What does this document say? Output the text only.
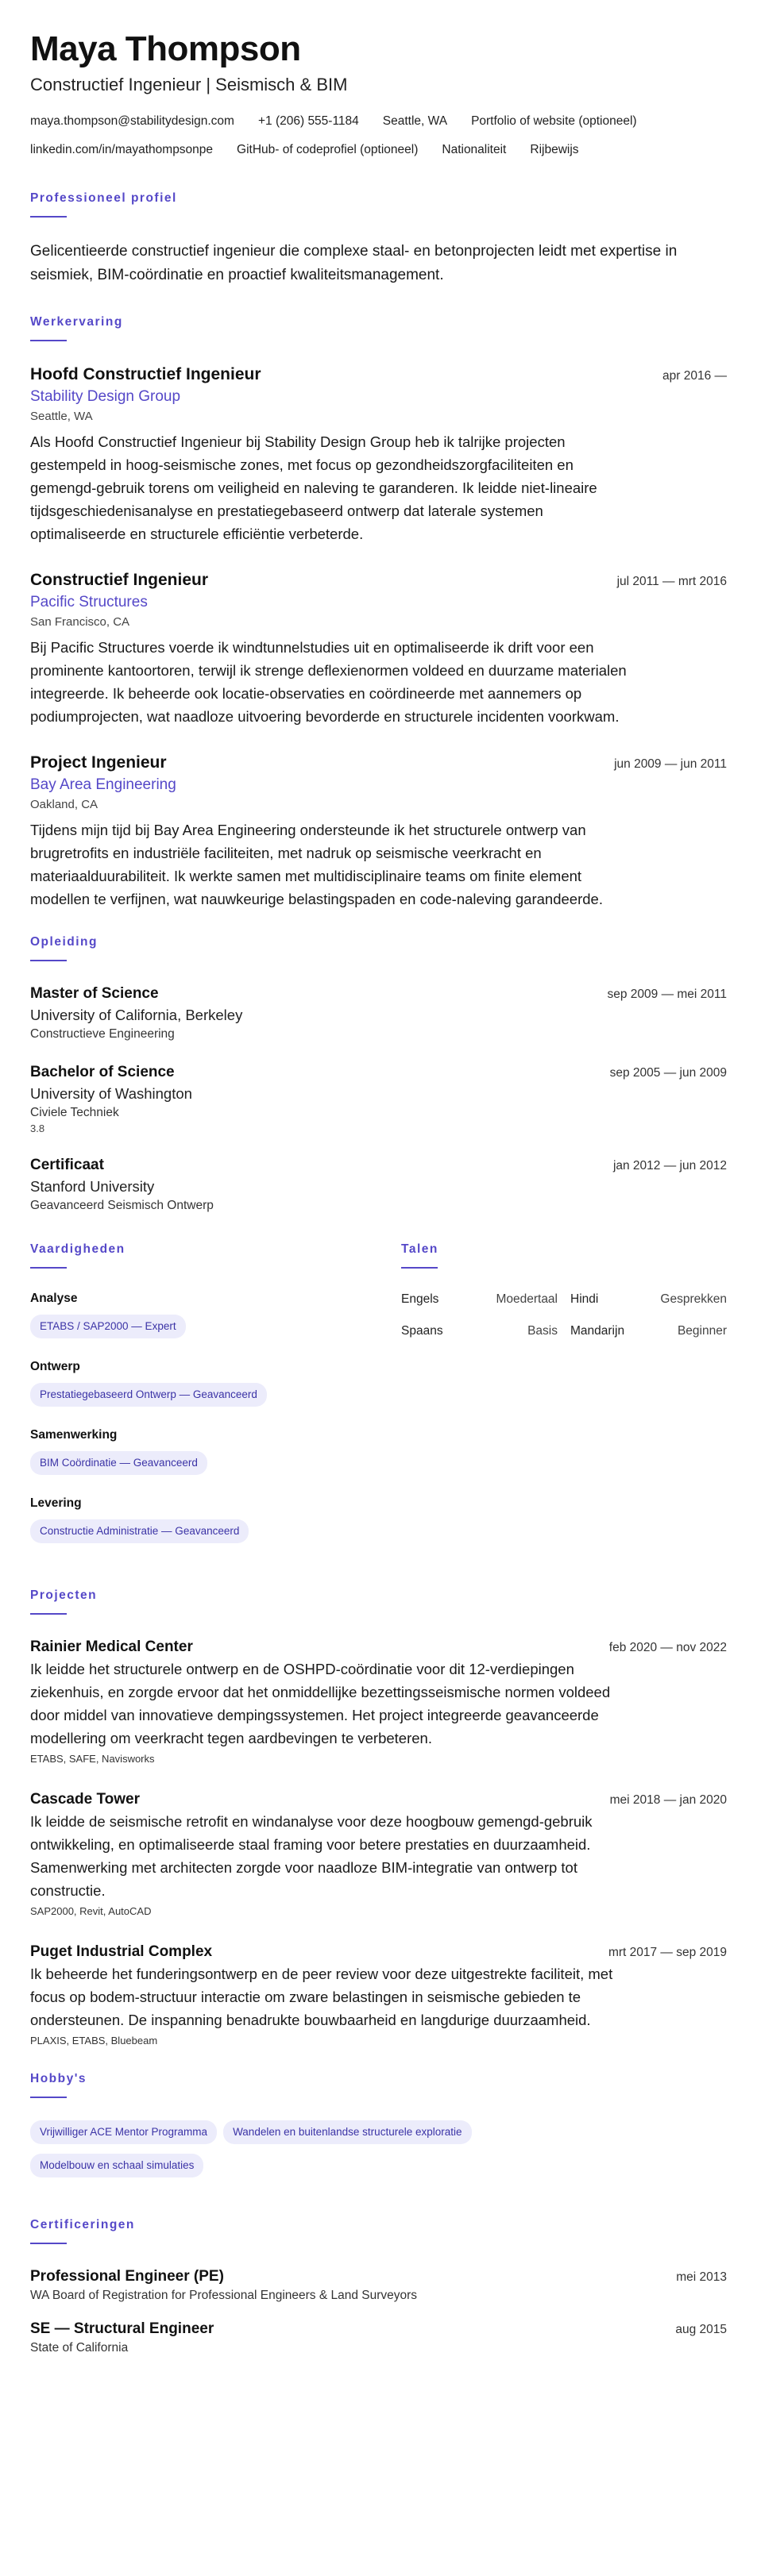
Maya Thompson
Constructief Ingenieur | Seismisch & BIM
maya.thompson@stabilitydesign.com +1 (206) 555-1184 Seattle, WA Portfolio of website (optioneel)
linkedin.com/in/mayathompsonpe GitHub- of codeprofiel (optioneel) Nationaliteit Rijbewijs
Professioneel profiel

Gelicentieerde constructief ingenieur die complexe staal- en betonprojecten leidt met expertise in seismiek, BIM-coördinatie en proactief kwaliteitsmanagement.

Werkervaring
Hoofd Constructief Ingenieur	apr 2016 —
Stability Design Group
Seattle, WA

Als Hoofd Constructief Ingenieur bij Stability Design Group heb ik talrijke projecten gestempeld in hoog-seismische zones, met focus op gezondheidszorgfaciliteiten en gemengd-gebruik torens om veiligheid en naleving te garanderen. Ik leidde niet-lineaire tijdsgeschiedenisanalyse en prestatiegebaseerd ontwerp dat laterale systemen optimaliseerde en structurele efficiëntie verbeterde.

Constructief Ingenieur	jul 2011 — mrt 2016
Pacific Structures
San Francisco, CA

Bij Pacific Structures voerde ik windtunnelstudies uit en optimaliseerde ik drift voor een prominente kantoortoren, terwijl ik strenge deflexienormen voldeed en duurzame materialen integreerde. Ik beheerde ook locatie-observaties en coördineerde met aannemers op podiumprojecten, wat naadloze uitvoering bevorderde en structurele incidenten voorkwam.

Project Ingenieur	jun 2009 — jun 2011
Bay Area Engineering
Oakland, CA

Tijdens mijn tijd bij Bay Area Engineering ondersteunde ik het structurele ontwerp van brugretrofits en industriële faciliteiten, met nadruk op seismische veerkracht en materiaalduurabiliteit. Ik werkte samen met multidisciplinaire teams om finite element modellen te verfijnen, wat nauwkeurige belastingspaden en code-naleving garandeerde.

Opleiding
Master of Science	sep 2009 — mei 2011
University of California, Berkeley
Constructieve Engineering
Bachelor of Science	sep 2005 — jun 2009
University of Washington
Civiele Techniek
3.8
Certificaat	jan 2012 — jun 2012
Stanford University
Geavanceerd Seismisch Ontwerp
Vaardigheden
Analyse
ETABS / SAP2000 — Expert
Ontwerp
Prestatiegebaseerd Ontwerp — Geavanceerd
Samenwerking
BIM Coördinatie — Geavanceerd
Levering
Constructie Administratie — Geavanceerd
Talen
Engels	Moedertaal Hindi	Gesprekken
Spaans	Basis Mandarijn	Beginner
Projecten
Rainier Medical Center	feb 2020 — nov 2022

Ik leidde het structurele ontwerp en de OSHPD-coördinatie voor dit 12-verdiepingen ziekenhuis, en zorgde ervoor dat het onmiddellijke bezettingsseismische normen voldeed door middel van innovatieve dempingssystemen. Het project integreerde geavanceerde modellering om veerkracht tegen aardbevingen te verbeteren.

ETABS, SAFE, Navisworks
Cascade Tower	mei 2018 — jan 2020

Ik leidde de seismische retrofit en windanalyse voor deze hoogbouw gemengd-gebruik ontwikkeling, en optimaliseerde staal framing voor betere prestaties en duurzaamheid. Samenwerking met architecten zorgde voor naadloze BIM-integratie van ontwerp tot constructie.

SAP2000, Revit, AutoCAD
Puget Industrial Complex	mrt 2017 — sep 2019

Ik beheerde het funderingsontwerp en de peer review voor deze uitgestrekte faciliteit, met focus op bodem-structuur interactie om zware belastingen in seismische gebieden te ondersteunen. De inspanning benadrukte bouwbaarheid en langdurige duurzaamheid.

PLAXIS, ETABS, Bluebeam
Hobby's
Vrijwilliger ACE Mentor Programma	Wandelen en buitenlandse structurele exploratie
Modelbouw en schaal simulaties
Certificeringen
Professional Engineer (PE)	mei 2013
WA Board of Registration for Professional Engineers & Land Surveyors
SE — Structural Engineer	aug 2015
State of California
